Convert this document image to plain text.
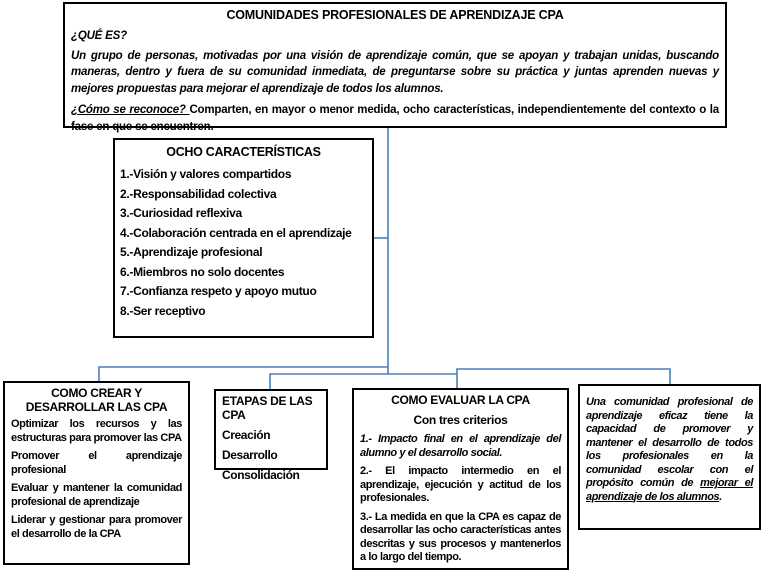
COMUNIDADES PROFESIONALES DE APRENDIZAJE CPA
¿QUÉ ES?
Un grupo de personas, motivadas por una visión de aprendizaje común, que se apoyan y trabajan unidas, buscando maneras, dentro y fuera de su comunidad inmediata, de preguntarse sobre su práctica y juntas aprenden nuevas y mejores propuestas para mejorar el aprendizaje de todos los alumnos.
¿Cómo se reconoce? Comparten, en mayor o menor medida, ocho características, independientemente del contexto o la fase en que se encuentren.
OCHO CARACTERÍSTICAS
1.-Visión y valores compartidos
2.-Responsabilidad colectiva
3.-Curiosidad reflexiva
4.-Colaboración centrada en el aprendizaje
5.-Aprendizaje profesional
6.-Miembros no solo docentes
7.-Confianza respeto y apoyo mutuo
8.-Ser receptivo
COMO CREAR Y DESARROLLAR LAS CPA
Optimizar los recursos y las estructuras para promover las CPA
Promover el aprendizaje profesional
Evaluar y mantener la comunidad profesional de aprendizaje
Liderar y gestionar para promover el desarrollo de la CPA
ETAPAS DE LAS CPA
Creación
Desarrollo
Consolidación
COMO EVALUAR LA CPA
Con tres criterios
1.- Impacto final en el aprendizaje del alumno y el desarrollo social.
2.- El impacto intermedio en el aprendizaje, ejecución y actitud de los profesionales.
3.- La medida en que la CPA es capaz de desarrollar las ocho características antes descritas y sus procesos y mantenerlos a lo largo del tiempo.
Una comunidad profesional de aprendizaje eficaz tiene la capacidad de promover y mantener el desarrollo de todos los profesionales en la comunidad escolar con el propósito común de mejorar el aprendizaje de los alumnos.
